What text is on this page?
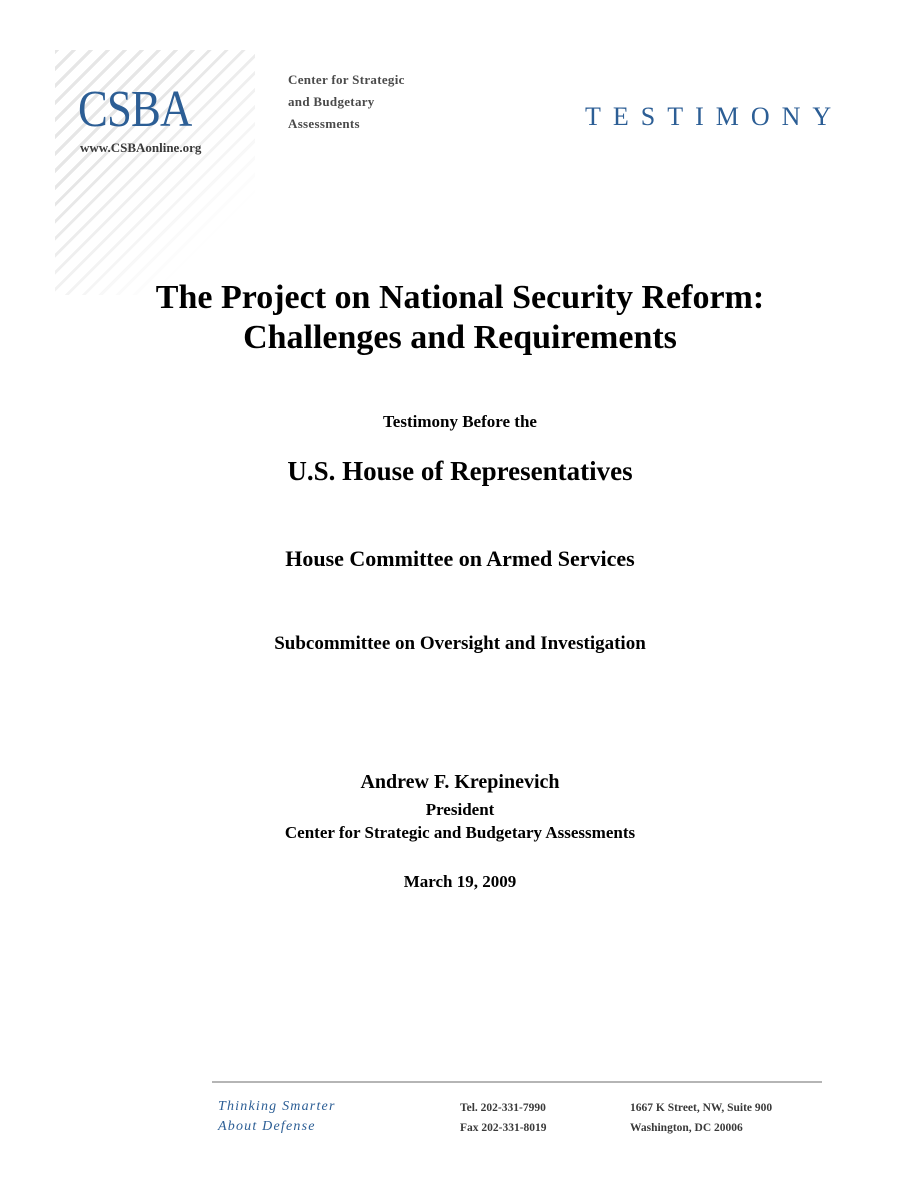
CSBA
www.CSBAonline.org
Center for Strategic
and Budgetary
Assessments	TESTIMONY
The Project on National Security Reform:
Challenges and Requirements
Testimony Before the
U.S. House of Representatives
House Committee on Armed Services
Subcommittee on Oversight and Investigation
Andrew F. Krepinevich
President
Center for Strategic and Budgetary Assessments
March 19, 2009
Thinking Smarter
About Defense
Tel. 202-331-7990
Fax 202-331-8019
1667 K Street, NW, Suite 900
Washington, DC 20006
